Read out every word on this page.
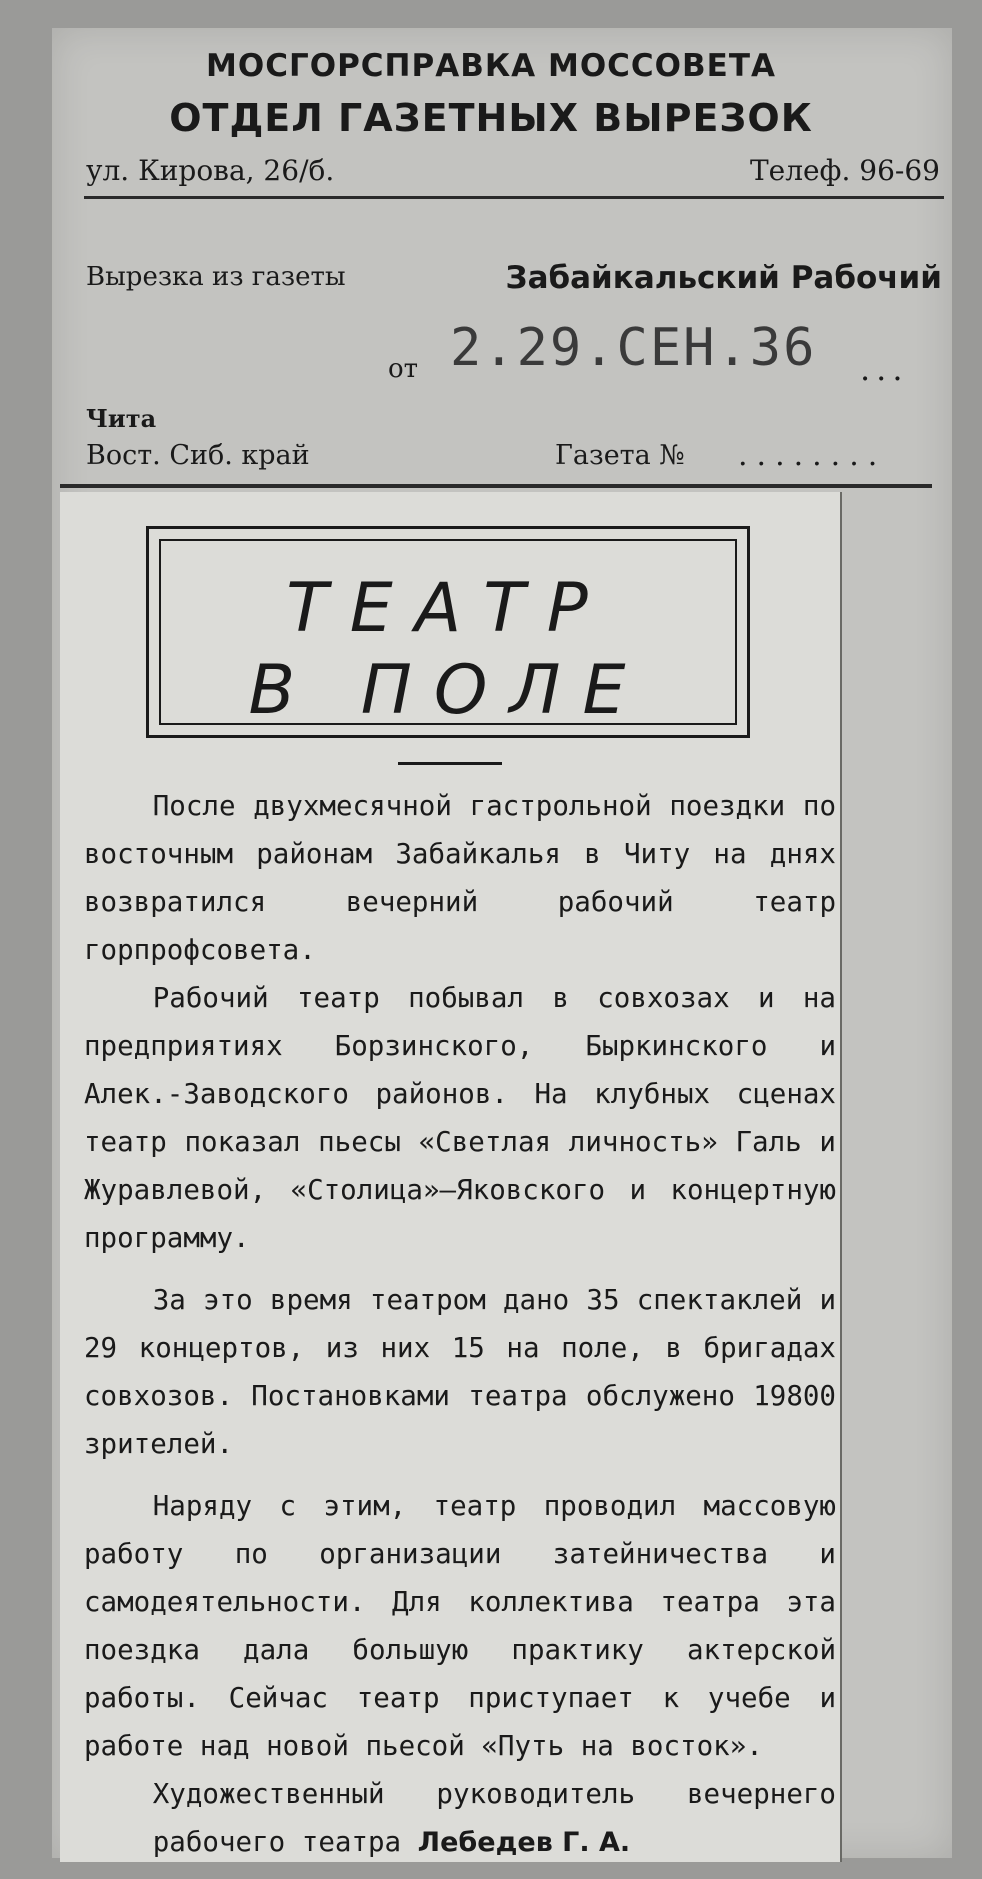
МОСГОРСПРАВКА МОССОВЕТА
ОТДЕЛ ГАЗЕТНЫХ ВЫРЕЗОК
ул. Кирова, 26/б.	Телеф. 96-69
Вырезка из газеты	Забайкальский Рабочий
от 2.29.СЕН.36 ...
Чита
Вост. Сиб. край	Газета № ........
ТЕАТР
В ПОЛЕ

После двухмесячной гастрольной поездки по восточным районам Забайкалья в Читу на днях возвратился вечерний рабочий театр горпрофсовета.

Рабочий театр побывал в совхозах и на предприятиях Борзинского, Быркинского и Алек.-Заводского районов. На клубных сценах театр показал пьесы «Светлая личность» Галь и Журавлевой, «Столица»—Яковского и концертную программу.

За это время театром дано 35 спектаклей и 29 концертов, из них 15 на поле, в бригадах совхозов. Постановками театра обслужено 19800 зрителей.

Наряду с этим, театр проводил массовую работу по организации затейничества и самодеятельности. Для коллектива театра эта поездка дала большую практику актерской работы. Сейчас театр приступает к учебе и работе над новой пьесой «Путь на восток».

Художественный руководитель вечернего рабочего театра Лебедев Г. А.
